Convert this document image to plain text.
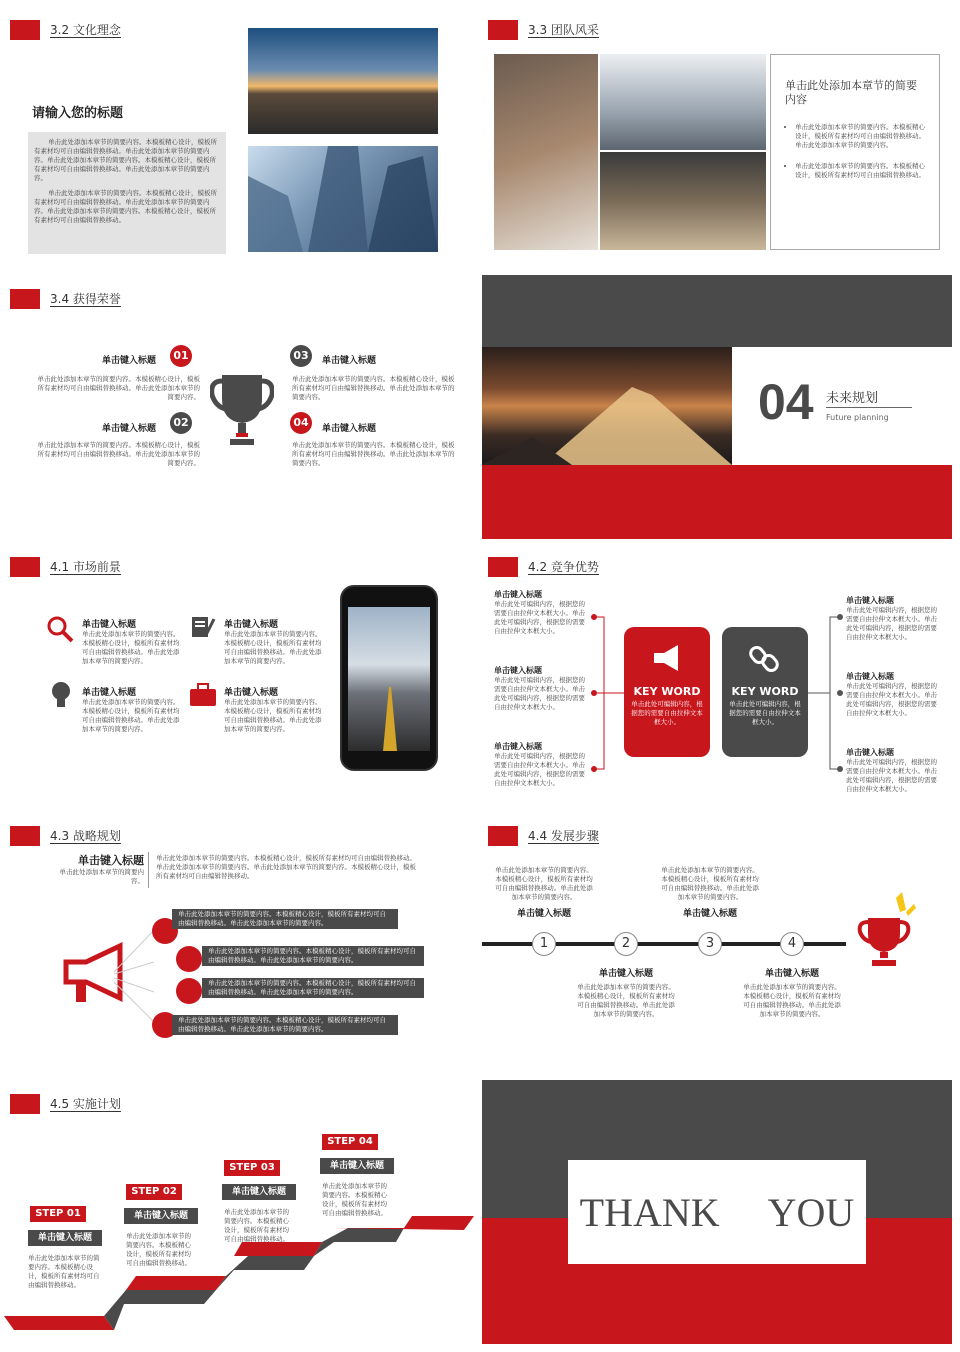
3.2 文化理念
请输入您的标题

单击此处添加本章节的简要内容。本模板精心设计，模板所有素材均可自由编辑替换移动。单击此处添加本章节的简要内容。单击此处添加本章节的简要内容。本模板精心设计，模板所有素材均可自由编辑替换移动。单击此处添加本章节的简要内容。

单击此处添加本章节的简要内容。本模板精心设计，模板所有素材均可自由编辑替换移动。单击此处添加本章节的简要内容。单击此处添加本章节的简要内容。本模板精心设计，模板所有素材均可自由编辑替换移动。

3.3 团队风采
单击此处添加本章节的简要内容
• 单击此处添加本章节的简要内容。本模板精心设计，模板所有素材均可自由编辑替换移动。单击此处添加本章节的简要内容。
• 单击此处添加本章节的简要内容。本模板精心设计，模板所有素材均可自由编辑替换移动。
3.4 获得荣誉
单击键入标题	01
单击此处添加本章节的简要内容。本模板精心设计，模板所有素材均可自由编辑替换移动。单击此处添加本章节的简要内容。
单击键入标题	02
单击此处添加本章节的简要内容。本模板精心设计，模板所有素材均可自由编辑替换移动。单击此处添加本章节的简要内容。
03	单击键入标题
单击此处添加本章节的简要内容。本模板精心设计，模板所有素材均可自由编辑替换移动。单击此处添加本章节的简要内容。
04	单击键入标题
单击此处添加本章节的简要内容。本模板精心设计，模板所有素材均可自由编辑替换移动。单击此处添加本章节的简要内容。
04 未来规划
Future planning
4.1 市场前景
单击键入标题
单击此处添加本章节的简要内容。本模板精心设计，模板所有素材均可自由编辑替换移动。单击此处添加本章节的简要内容。
单击键入标题
单击此处添加本章节的简要内容。本模板精心设计，模板所有素材均可自由编辑替换移动。单击此处添加本章节的简要内容。
单击键入标题
单击此处添加本章节的简要内容。本模板精心设计，模板所有素材均可自由编辑替换移动。单击此处添加本章节的简要内容。
单击键入标题
单击此处添加本章节的简要内容。本模板精心设计，模板所有素材均可自由编辑替换移动。单击此处添加本章节的简要内容。
4.2 竞争优势
单击键入标题
单击此处可编辑内容，根据您的需要自由拉伸文本框大小。单击此处可编辑内容，根据您的需要自由拉伸文本框大小。
单击键入标题
单击此处可编辑内容，根据您的需要自由拉伸文本框大小。单击此处可编辑内容，根据您的需要自由拉伸文本框大小。
单击键入标题
单击此处可编辑内容，根据您的需要自由拉伸文本框大小。单击此处可编辑内容，根据您的需要自由拉伸文本框大小。
KEY WORD
单击此处可编辑内容，根据您的需要自由拉伸文本框大小。
KEY WORD
单击此处可编辑内容，根据您的需要自由拉伸文本框大小。
单击键入标题
单击此处可编辑内容，根据您的需要自由拉伸文本框大小。单击此处可编辑内容，根据您的需要自由拉伸文本框大小。
单击键入标题
单击此处可编辑内容，根据您的需要自由拉伸文本框大小。单击此处可编辑内容，根据您的需要自由拉伸文本框大小。
单击键入标题
单击此处可编辑内容，根据您的需要自由拉伸文本框大小。单击此处可编辑内容，根据您的需要自由拉伸文本框大小。
4.3 战略规划
单击键入标题
单击此处添加本章节的简要内容。
单击此处添加本章节的简要内容。本模板精心设计，模板所有素材均可自由编辑替换移动。单击此处添加本章节的简要内容。单击此处添加本章节的简要内容。本模板精心设计，模板所有素材均可自由编辑替换移动。
单击此处添加本章节的简要内容。本模板精心设计，模板所有素材均可自由编辑替换移动。单击此处添加本章节的简要内容。
单击此处添加本章节的简要内容。本模板精心设计，模板所有素材均可自由编辑替换移动。单击此处添加本章节的简要内容。
单击此处添加本章节的简要内容。本模板精心设计，模板所有素材均可自由编辑替换移动。单击此处添加本章节的简要内容。
单击此处添加本章节的简要内容。本模板精心设计，模板所有素材均可自由编辑替换移动。单击此处添加本章节的简要内容。
4.4 发展步骤
单击此处添加本章节的简要内容。本模板精心设计，模板所有素材均可自由编辑替换移动。单击此处添加本章节的简要内容。
单击键入标题
单击此处添加本章节的简要内容。本模板精心设计，模板所有素材均可自由编辑替换移动。单击此处添加本章节的简要内容。
单击键入标题
1	2	3	4
单击键入标题
单击此处添加本章节的简要内容。本模板精心设计，模板所有素材均可自由编辑替换移动。单击此处添加本章节的简要内容。
单击键入标题
单击此处添加本章节的简要内容。本模板精心设计，模板所有素材均可自由编辑替换移动。单击此处添加本章节的简要内容。
4.5 实施计划
STEP 01
单击键入标题
单击此处添加本章节的简要内容。本模板精心设计，模板所有素材均可自由编辑替换移动。
STEP 02
单击键入标题
单击此处添加本章节的简要内容。本模板精心设计，模板所有素材均可自由编辑替换移动。
STEP 03
单击键入标题
单击此处添加本章节的简要内容。本模板精心设计，模板所有素材均可自由编辑替换移动。
STEP 04
单击键入标题
单击此处添加本章节的简要内容。本模板精心设计，模板所有素材均可自由编辑替换移动。	THANK YOU
